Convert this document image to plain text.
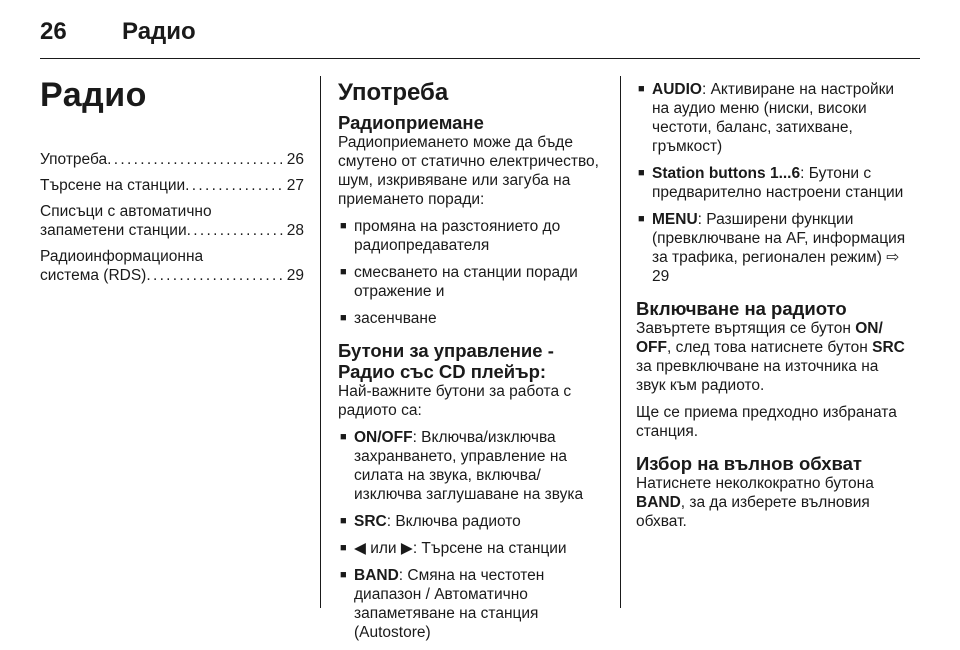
26 Радио
Радио
Употреба . . .	26
Търсене на станции . . .	27
Списъци с автоматично
запаметени станции . . .	28
Радиоинформационна
система (RDS) . . .	29
Употреба
Радиоприемане

Радиоприемането може да бъде смутено от статично електричество, шум, изкривяване или загуба на приемането поради:

■ промяна на разстоянието до радиопредавателя
■ смесването на станции поради отражение и
■ засенчване
Бутони за управление -
Радио със CD плейър:

Най-важните бутони за работа с радиото са:

■ ON/OFF: Включва/изключва захранването, управление на силата на звука, включва/ изключва заглушаване на звука
■ SRC: Включва радиото
■ ◀ или ▶: Търсене на станции
■ BAND: Смяна на честотен диапазон / Автоматично запаметяване на станция (Autostore)
■ AUDIO: Активиране на настройки на аудио меню (ниски, високи честоти, баланс, затихване, гръмкост)
■ Station buttons 1...6: Бутони с предварително настроени станции
■ MENU: Разширени функции (превключване на AF, информация за трафика, регионален режим) ⇨ 29
Включване на радиото

Завъртете въртящия се бутон ON/ OFF, след това натиснете бутон SRC за превключване на източника на звук към радиото.

Ще се приема предходно избраната станция.

Избор на вълнов обхват

Натиснете неколкократно бутона BAND, за да изберете вълновия обхват.
